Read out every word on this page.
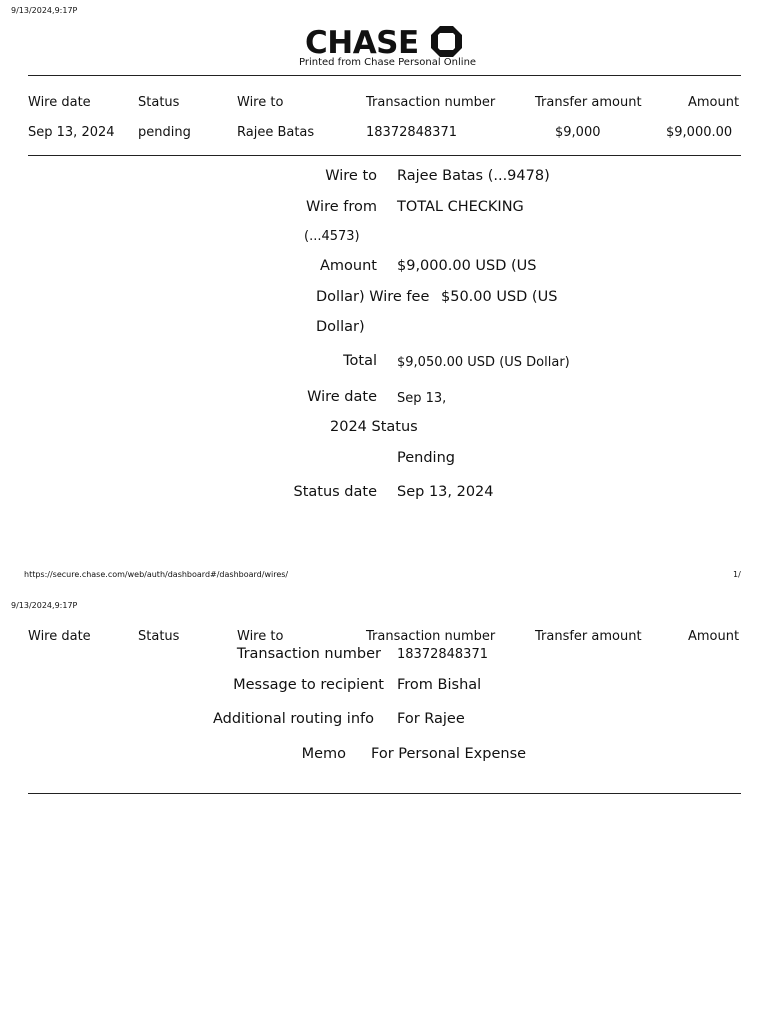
9/13/2024,9:17P
CHASE
Printed from Chase Personal Online
Wire date	Status	Wire to	Transaction number	Transfer amount	Amount
Sep 13, 2024 pending	Rajee Batas	18372848371	$9,000	$9,000.00
Wire to Rajee Batas (...9478)
Wire from TOTAL CHECKING
(...4573)
Amount $9,000.00 USD (US
Dollar) Wire fee $50.00 USD (US
Dollar)
Total $9,050.00 USD (US Dollar)
Wire date Sep 13,
2024 Status
Pending
Status date Sep 13, 2024
https://secure.chase.com/web/auth/dashboard#/dashboard/wires/	1/
9/13/2024,9:17P
Wire date	Status	Wire to	Transaction number	Transfer amount	Amount
Transaction number 18372848371
Message to recipient From Bishal
Additional routing info For Rajee
Memo For Personal Expense
